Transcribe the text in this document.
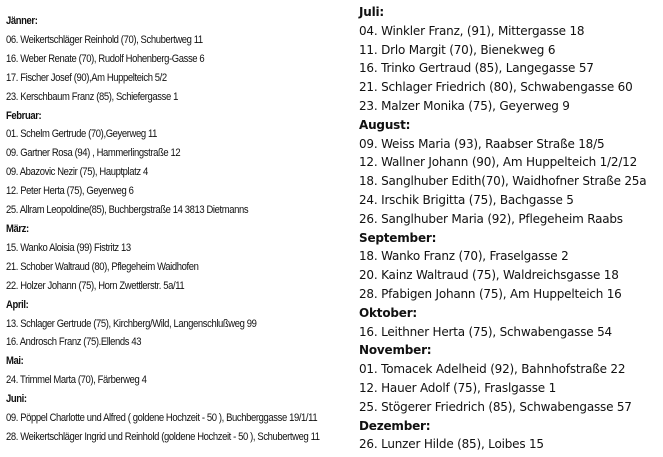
Jänner:
06. Weikertschläger Reinhold (70), Schubertweg 11
16. Weber Renate (70), Rudolf Hohenberg-Gasse 6
17. Fischer Josef (90),Am Huppelteich 5/2
23. Kerschbaum Franz (85), Schiefergasse 1
Februar:
01. Schelm Gertrude (70),Geyerweg 11
09. Gartner Rosa (94) , Hammerlingstraße 12
09. Abazovic Nezir (75), Hauptplatz 4
12. Peter Herta (75), Geyerweg 6
25. Allram Leopoldine(85), Buchbergstraße 14 3813 Dietmanns
März:
15. Wanko Aloisia (99) Fistritz 13
21. Schober Waltraud (80), Pflegeheim Waidhofen
22. Holzer Johann (75), Horn Zwettlerstr. 5a/11
April:
13. Schlager Gertrude (75), Kirchberg/Wild, Langenschlußweg 99
16. Androsch Franz (75).Ellends 43
Mai:
24. Trimmel Marta (70), Färberweg 4
Juni:
09. Pöppel Charlotte und Alfred ( goldene Hochzeit - 50 ), Buchberggasse 19/1/11
28. Weikertschläger Ingrid und Reinhold (goldene Hochzeit - 50 ), Schubertweg 11
Juli:
04. Winkler Franz, (91), Mittergasse 18
11. Drlo Margit (70), Bienekweg 6
16. Trinko Gertraud (85), Langegasse 57
21. Schlager Friedrich (80), Schwabengasse 60
23. Malzer Monika (75), Geyerweg 9
August:
09. Weiss Maria (93), Raabser Straße 18/5
12. Wallner Johann (90), Am Huppelteich 1/2/12
18. Sanglhuber Edith(70), Waidhofner Straße 25a
24. Irschik Brigitta (75), Bachgasse 5
26. Sanglhuber Maria (92), Pflegeheim Raabs
September:
18. Wanko Franz (70), Fraselgasse 2
20. Kainz Waltraud (75), Waldreichsgasse 18
28. Pfabigen Johann (75), Am Huppelteich 16
Oktober:
16. Leithner Herta (75), Schwabengasse 54
November:
01. Tomacek Adelheid (92), Bahnhofstraße 22
12. Hauer Adolf (75), Fraslgasse 1
25. Stögerer Friedrich (85), Schwabengasse 57
Dezember:
26. Lunzer Hilde (85), Loibes 15
